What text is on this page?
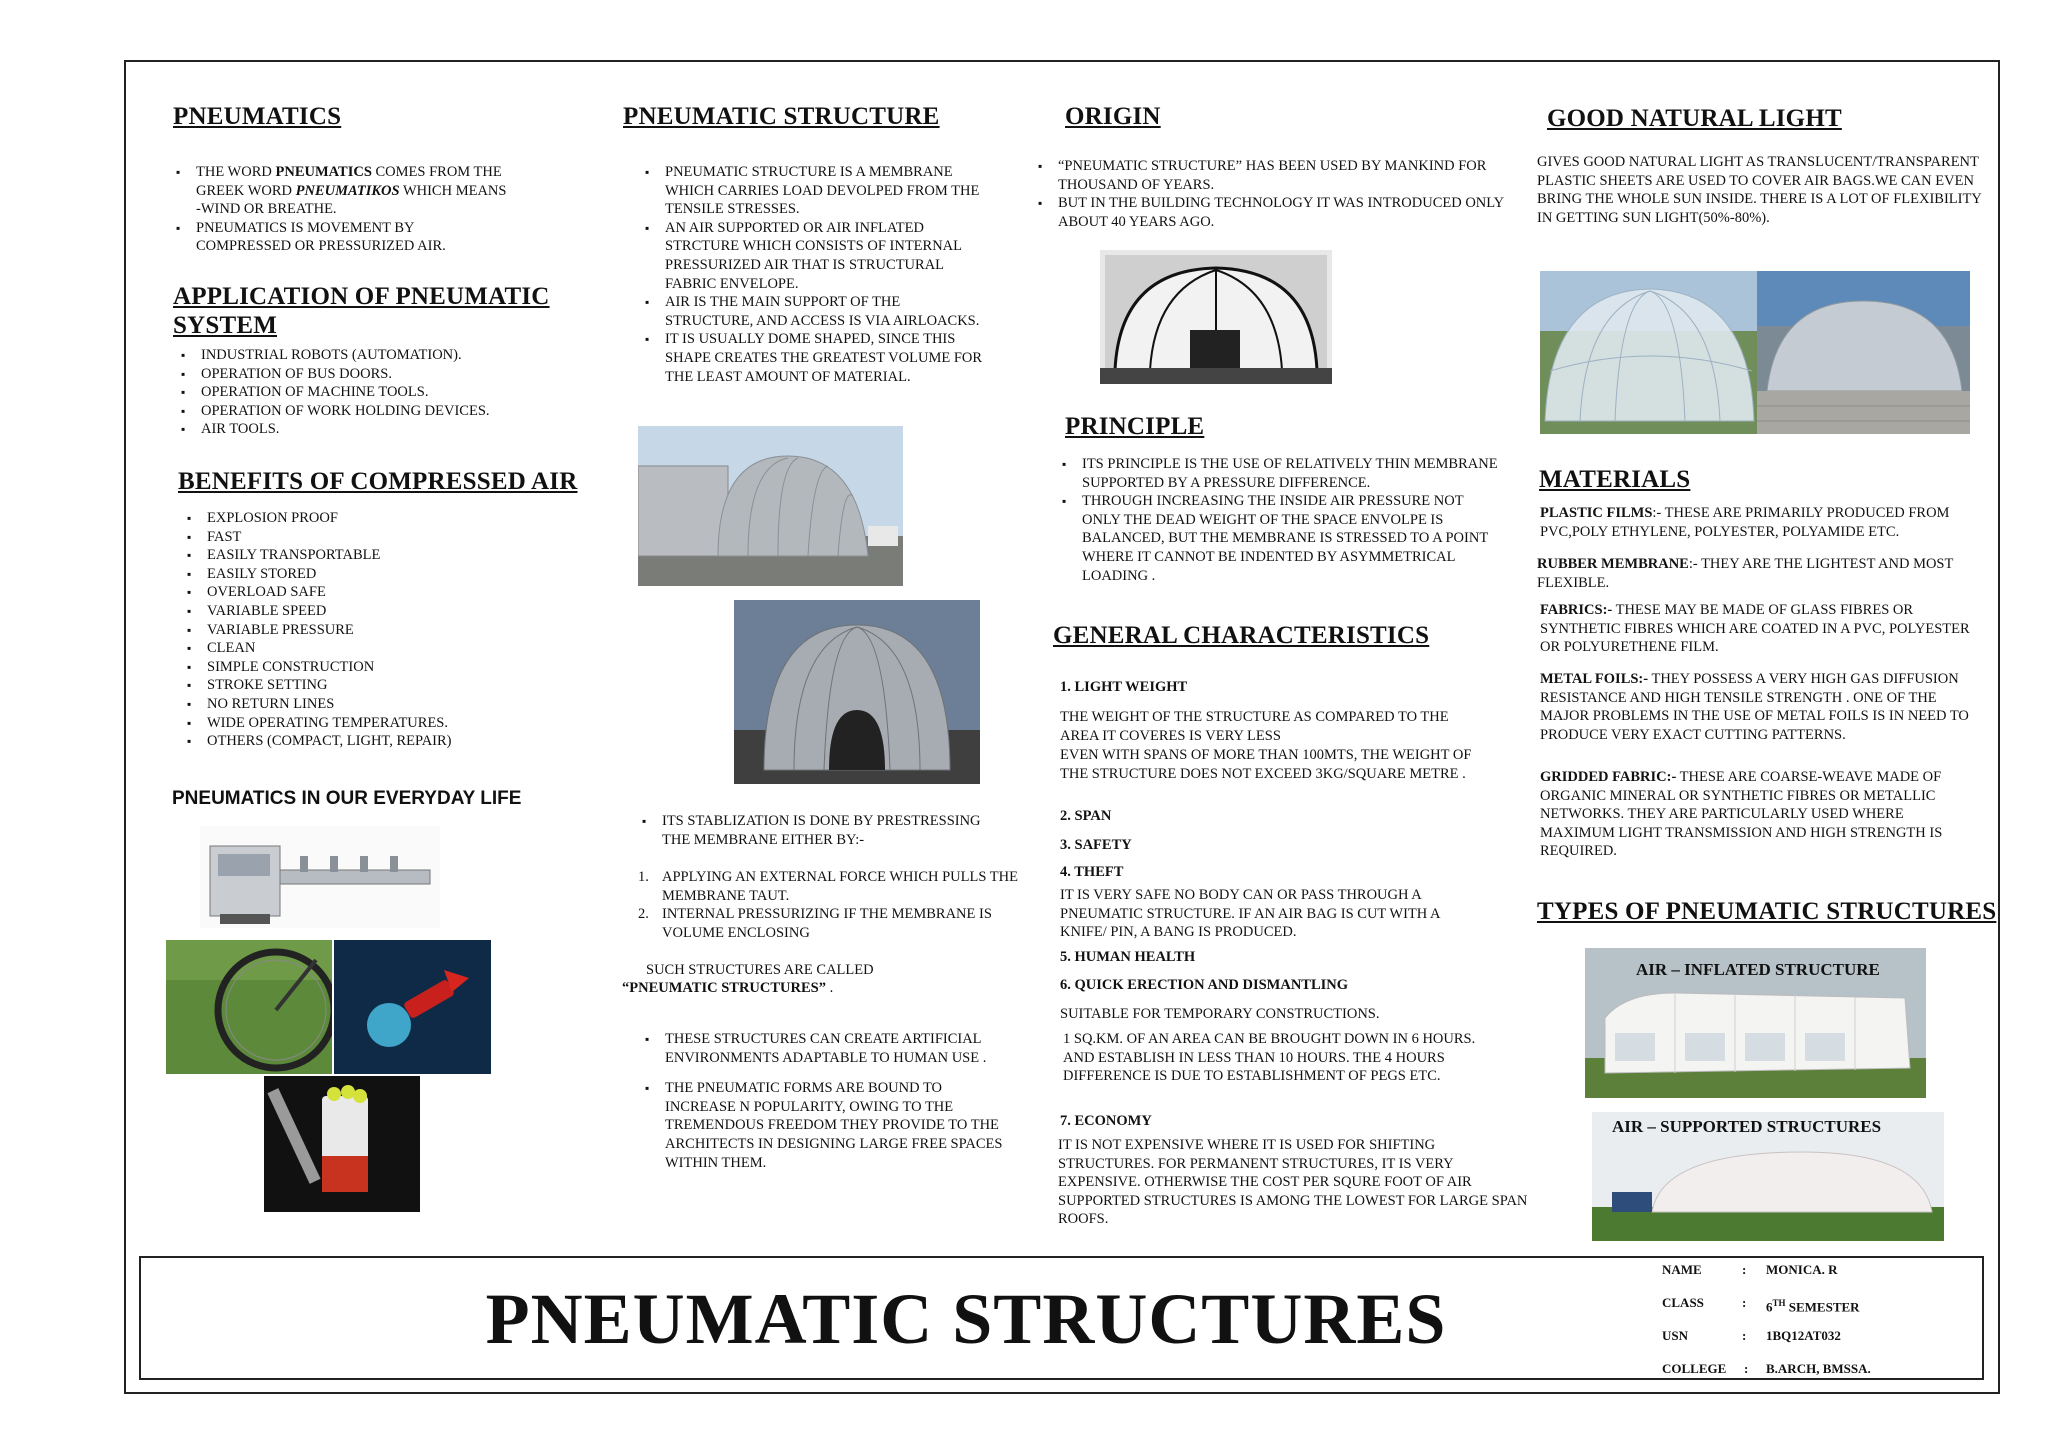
PNEUMATICS
▪ THE WORD PNEUMATICS COMES FROM THE GREEK WORD PNEUMATIKOS WHICH MEANS -WIND OR BREATHE.
▪ PNEUMATICS IS MOVEMENT BY COMPRESSED OR PRESSURIZED AIR.
APPLICATION OF PNEUMATIC SYSTEM
▪ INDUSTRIAL ROBOTS (AUTOMATION).
▪ OPERATION OF BUS DOORS.
▪ OPERATION OF MACHINE TOOLS.
▪ OPERATION OF WORK HOLDING DEVICES.
▪ AIR TOOLS.
BENEFITS OF COMPRESSED AIR
▪ EXPLOSION PROOF
▪ FAST
▪ EASILY TRANSPORTABLE
▪ EASILY STORED
▪ OVERLOAD SAFE
▪ VARIABLE SPEED
▪ VARIABLE PRESSURE
▪ CLEAN
▪ SIMPLE CONSTRUCTION
▪ STROKE SETTING
▪ NO RETURN LINES
▪ WIDE OPERATING TEMPERATURES.
▪ OTHERS (COMPACT, LIGHT, REPAIR)
PNEUMATICS IN OUR EVERYDAY LIFE
PNEUMATIC STRUCTURE
▪ PNEUMATIC STRUCTURE IS A MEMBRANE WHICH CARRIES LOAD DEVOLPED FROM THE TENSILE STRESSES.
▪ AN AIR SUPPORTED OR AIR INFLATED STRCTURE WHICH CONSISTS OF INTERNAL PRESSURIZED AIR THAT IS STRUCTURAL FABRIC ENVELOPE.
▪ AIR IS THE MAIN SUPPORT OF THE STRUCTURE, AND ACCESS IS VIA AIRLOACKS.
▪ IT IS USUALLY DOME SHAPED, SINCE THIS SHAPE CREATES THE GREATEST VOLUME FOR THE LEAST AMOUNT OF MATERIAL.
▪ ITS STABLIZATION IS DONE BY PRESTRESSING THE MEMBRANE EITHER BY:-
1. APPLYING AN EXTERNAL FORCE WHICH PULLS THE MEMBRANE TAUT.
2. INTERNAL PRESSURIZING IF THE MEMBRANE IS VOLUME ENCLOSING
SUCH STRUCTURES ARE CALLED
“PNEUMATIC STRUCTURES” .
▪ THESE STRUCTURES CAN CREATE ARTIFICIAL ENVIRONMENTS ADAPTABLE TO HUMAN USE .
▪ THE PNEUMATIC FORMS ARE BOUND TO INCREASE N POPULARITY, OWING TO THE TREMENDOUS FREEDOM THEY PROVIDE TO THE ARCHITECTS IN DESIGNING LARGE FREE SPACES WITHIN THEM.
ORIGIN
▪ “PNEUMATIC STRUCTURE” HAS BEEN USED BY MANKIND FOR THOUSAND OF YEARS.
▪ BUT IN THE BUILDING TECHNOLOGY IT WAS INTRODUCED ONLY ABOUT 40 YEARS AGO.
PRINCIPLE
▪ ITS PRINCIPLE IS THE USE OF RELATIVELY THIN MEMBRANE SUPPORTED BY A PRESSURE DIFFERENCE.
▪ THROUGH INCREASING THE INSIDE AIR PRESSURE NOT ONLY THE DEAD WEIGHT OF THE SPACE ENVOLPE IS BALANCED, BUT THE MEMBRANE IS STRESSED TO A POINT WHERE IT CANNOT BE INDENTED BY ASYMMETRICAL LOADING .
GENERAL CHARACTERISTICS
1. LIGHT WEIGHT
THE WEIGHT OF THE STRUCTURE AS COMPARED TO THE AREA IT COVERES IS VERY LESS
EVEN WITH SPANS OF MORE THAN 100MTS, THE WEIGHT OF THE STRUCTURE DOES NOT EXCEED 3KG/SQUARE METRE .
2. SPAN
3. SAFETY
4. THEFT
IT IS VERY SAFE NO BODY CAN OR PASS THROUGH A PNEUMATIC STRUCTURE. IF AN AIR BAG IS CUT WITH A KNIFE/ PIN, A BANG IS PRODUCED.
5. HUMAN HEALTH
6. QUICK ERECTION AND DISMANTLING
SUITABLE FOR TEMPORARY CONSTRUCTIONS.
1 SQ.KM. OF AN AREA CAN BE BROUGHT DOWN IN 6 HOURS. AND ESTABLISH IN LESS THAN 10 HOURS. THE 4 HOURS DIFFERENCE IS DUE TO ESTABLISHMENT OF PEGS ETC.
7. ECONOMY
IT IS NOT EXPENSIVE WHERE IT IS USED FOR SHIFTING STRUCTURES. FOR PERMANENT STRUCTURES, IT IS VERY EXPENSIVE. OTHERWISE THE COST PER SQURE FOOT OF AIR SUPPORTED STRUCTURES IS AMONG THE LOWEST FOR LARGE SPAN ROOFS.
GOOD NATURAL LIGHT
GIVES GOOD NATURAL LIGHT AS TRANSLUCENT/TRANSPARENT PLASTIC SHEETS ARE USED TO COVER AIR BAGS.WE CAN EVEN BRING THE WHOLE SUN INSIDE. THERE IS A LOT OF FLEXIBILITY IN GETTING SUN LIGHT(50%-80%).
MATERIALS
PLASTIC FILMS:- THESE ARE PRIMARILY PRODUCED FROM PVC,POLY ETHYLENE, POLYESTER, POLYAMIDE ETC.
RUBBER MEMBRANE:- THEY ARE THE LIGHTEST AND MOST FLEXIBLE.
FABRICS:- THESE MAY BE MADE OF GLASS FIBRES OR SYNTHETIC FIBRES WHICH ARE COATED IN A PVC, POLYESTER OR POLYURETHENE FILM.
METAL FOILS:- THEY POSSESS A VERY HIGH GAS DIFFUSION RESISTANCE AND HIGH TENSILE STRENGTH . ONE OF THE MAJOR PROBLEMS IN THE USE OF METAL FOILS IS IN NEED TO PRODUCE VERY EXACT CUTTING PATTERNS.
GRIDDED FABRIC:- THESE ARE COARSE-WEAVE MADE OF ORGANIC MINERAL OR SYNTHETIC FIBRES OR METALLIC NETWORKS. THEY ARE PARTICULARLY USED WHERE MAXIMUM LIGHT TRANSMISSION AND HIGH STRENGTH IS REQUIRED.
TYPES OF PNEUMATIC STRUCTURES
AIR – INFLATED STRUCTURE
AIR – SUPPORTED STRUCTURES
PNEUMATIC STRUCTURES
NAME	: MONICA. R
CLASS	: 6TH SEMESTER
USN	: 1BQ12AT032
COLLEGE : B.ARCH, BMSSA.
